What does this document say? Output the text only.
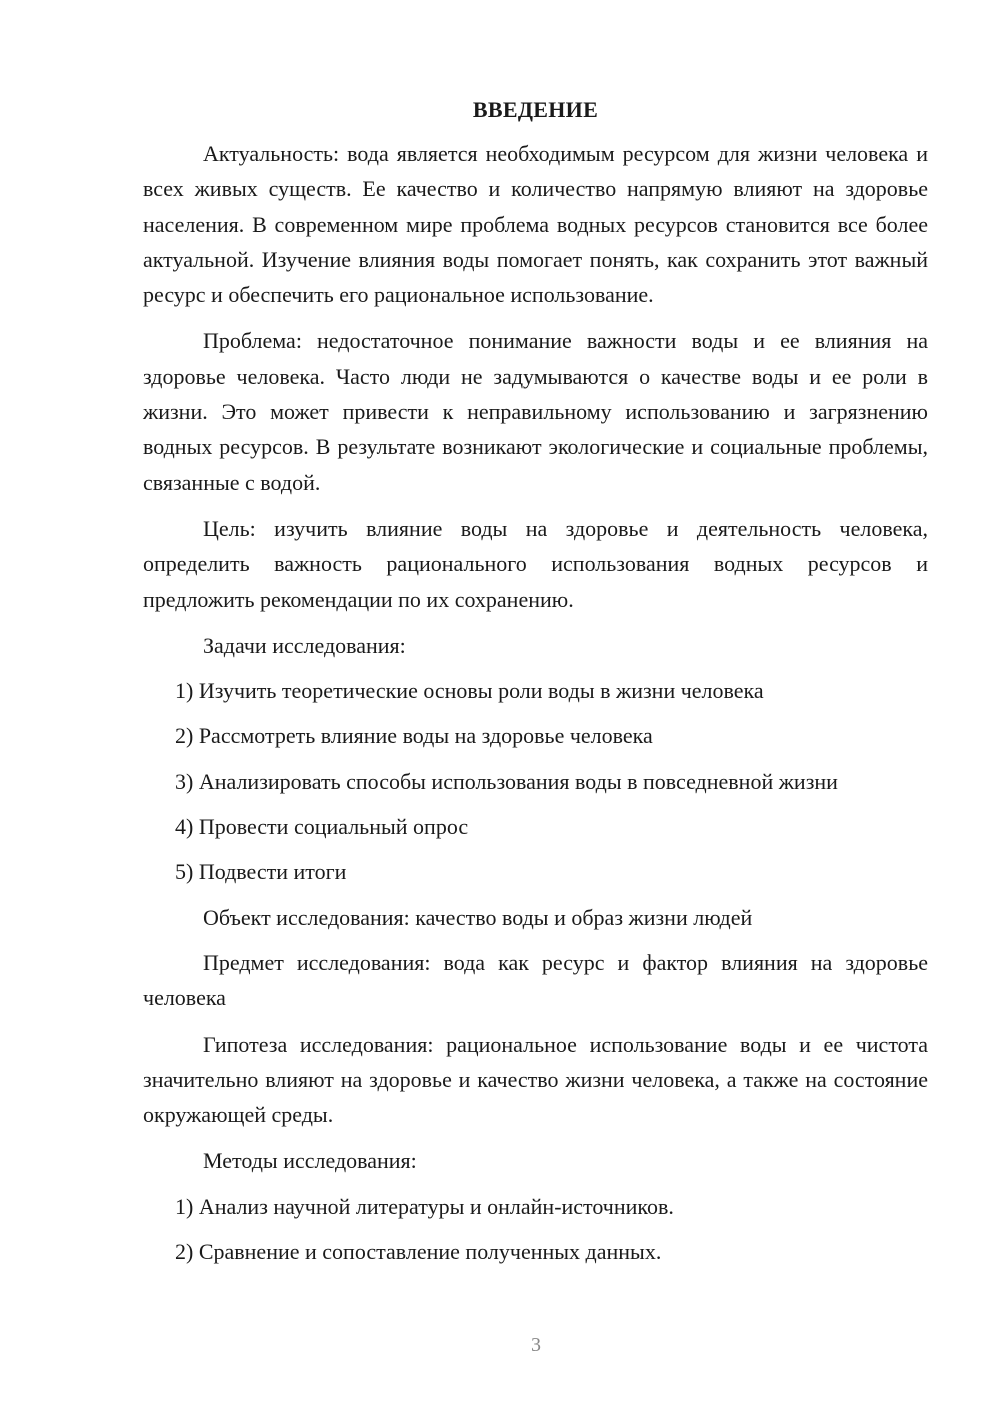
ВВЕДЕНИЕ

Актуальность: вода является необходимым ресурсом для жизни человека и всех живых существ. Ее качество и количество напрямую влияют на здоровье населения. В современном мире проблема водных ресурсов становится все более актуальной. Изучение влияния воды помогает понять, как сохранить этот важный ресурс и обеспечить его рациональное использование.

Проблема: недостаточное понимание важности воды и ее влияния на здоровье человека. Часто люди не задумываются о качестве воды и ее роли в жизни. Это может привести к неправильному использованию и загрязнению водных ресурсов. В результате возникают экологические и социальные проблемы, связанные с водой.

Цель: изучить влияние воды на здоровье и деятельность человека, определить важность рационального использования водных ресурсов и предложить рекомендации по их сохранению.

Задачи исследования:
1) Изучить теоретические основы роли воды в жизни человека
2) Рассмотреть влияние воды на здоровье человека
3) Анализировать способы использования воды в повседневной жизни
4) Провести социальный опрос
5) Подвести итоги
Объект исследования: качество воды и образ жизни людей

Предмет исследования: вода как ресурс и фактор влияния на здоровье человека

Гипотеза исследования: рациональное использование воды и ее чистота значительно влияют на здоровье и качество жизни человека, а также на состояние окружающей среды.

Методы исследования:
1) Анализ научной литературы и онлайн-источников.
2) Сравнение и сопоставление полученных данных.
3
